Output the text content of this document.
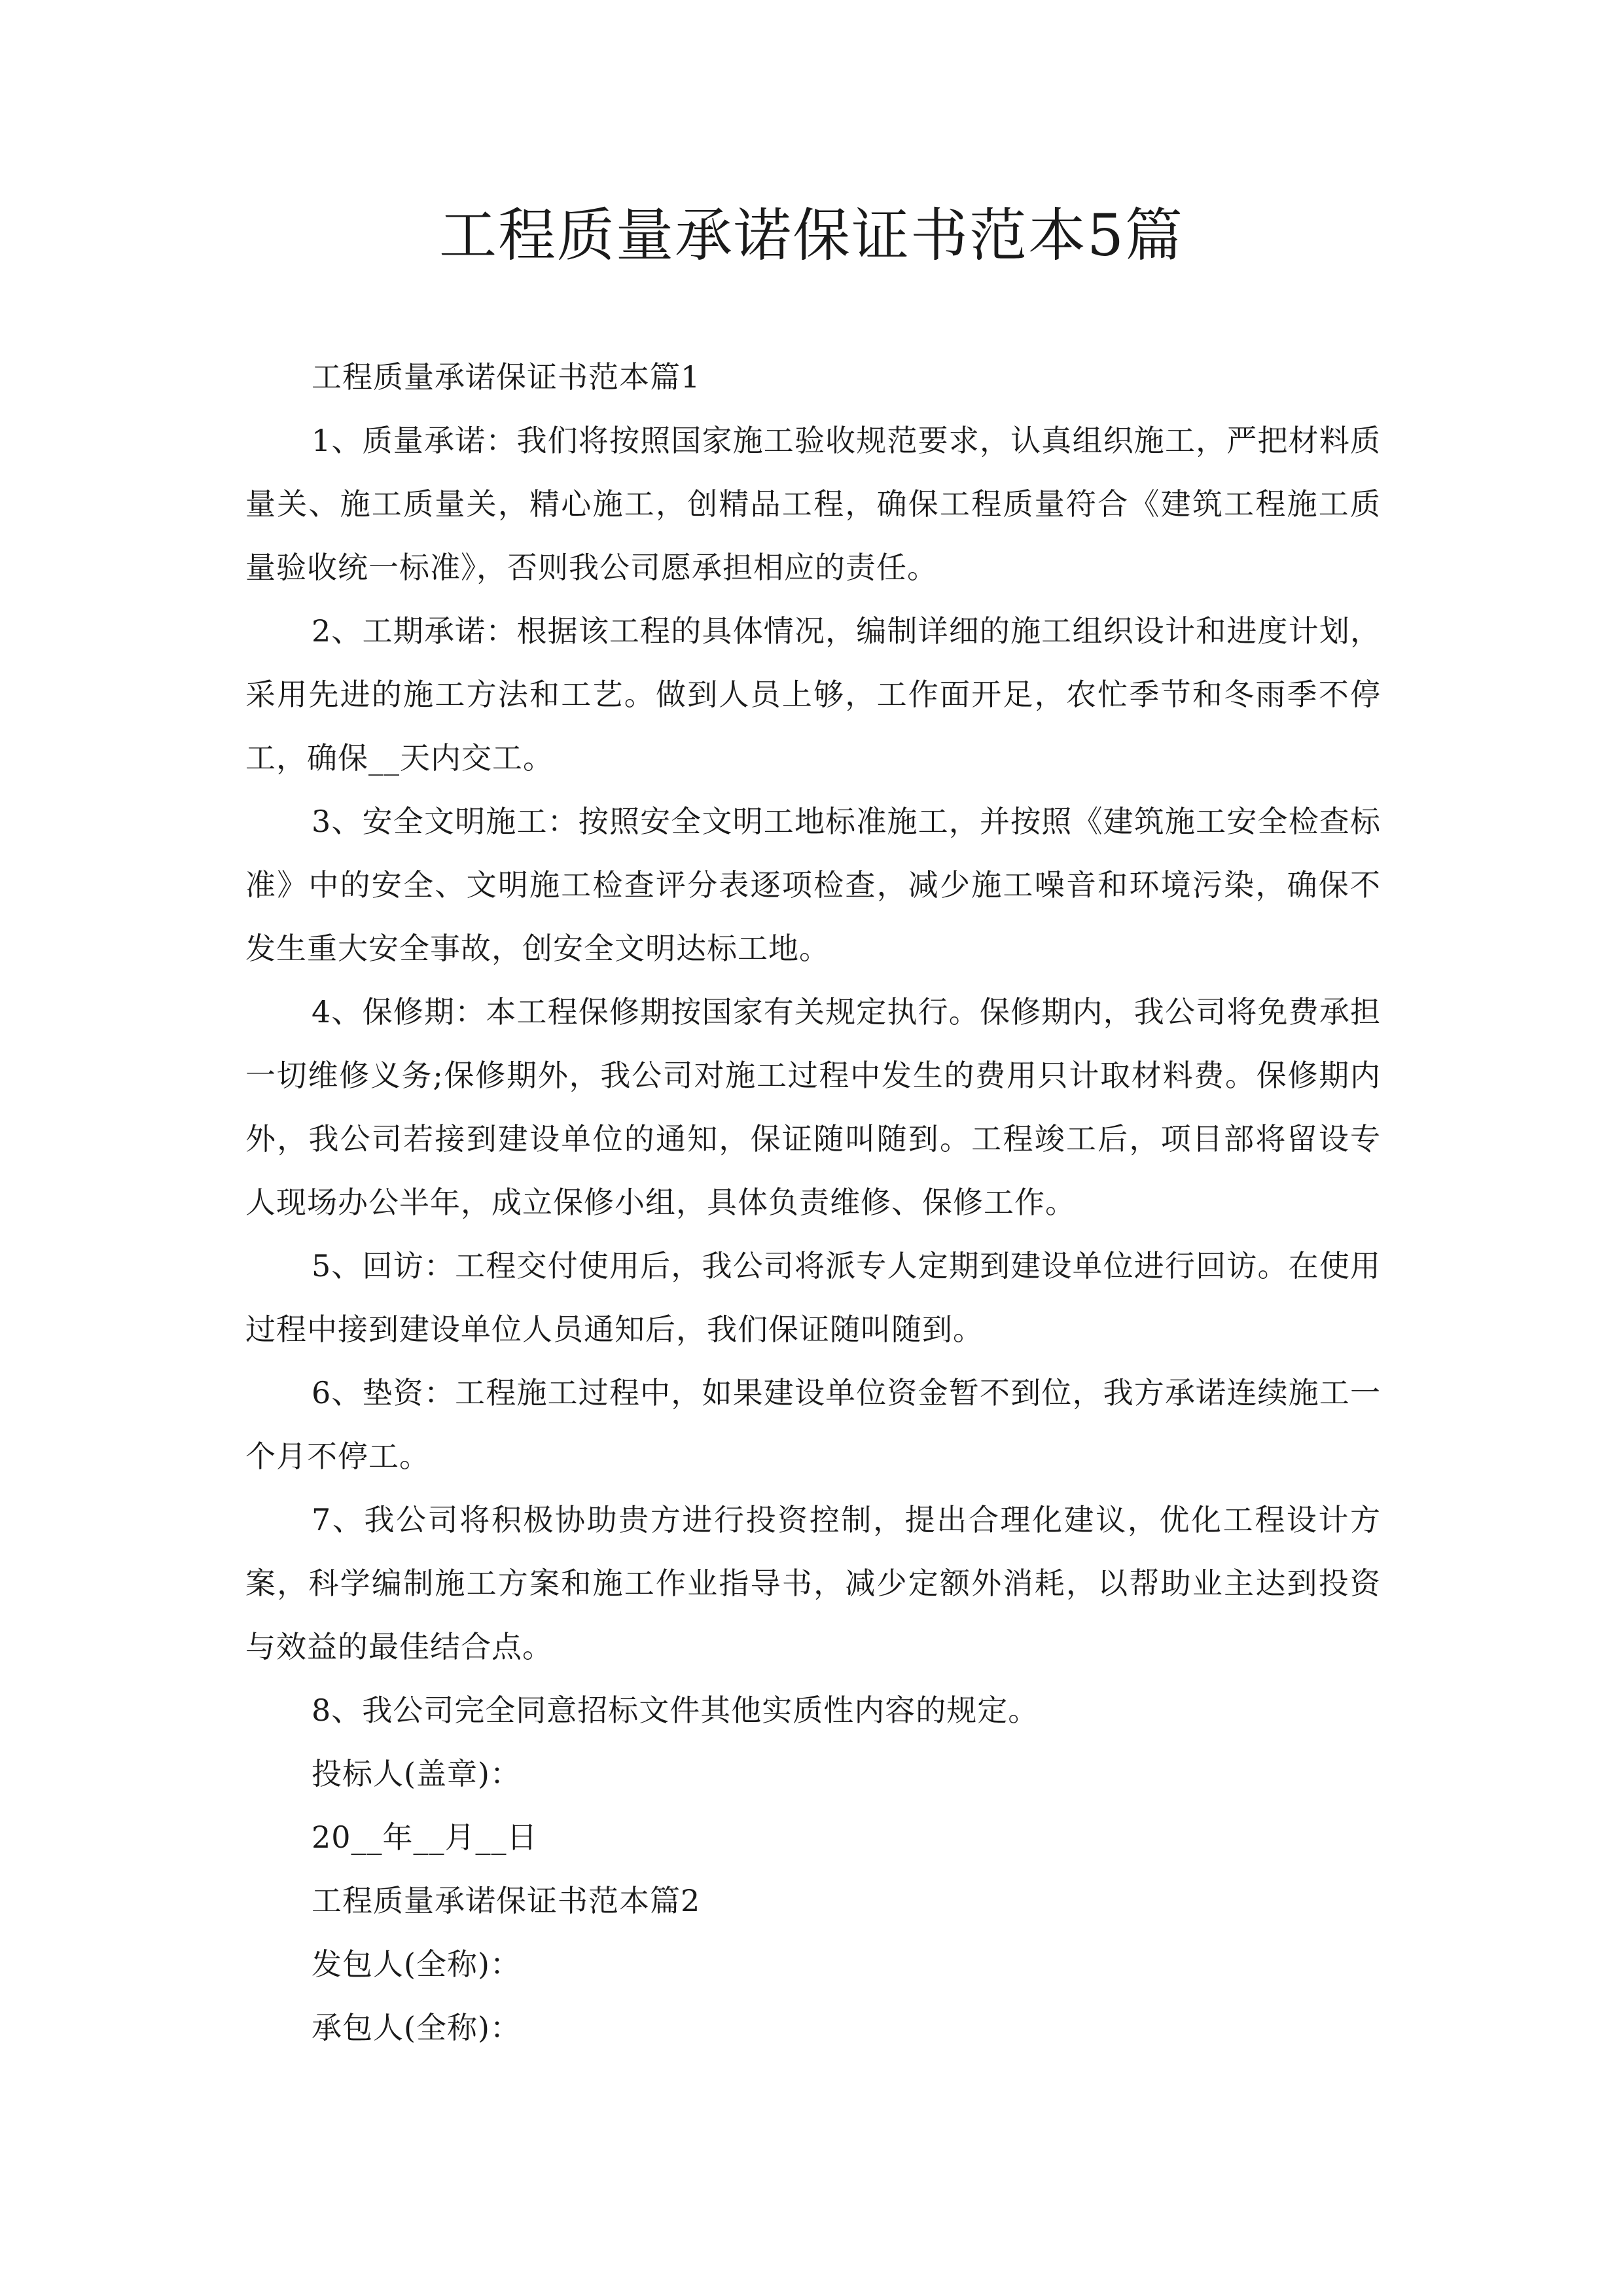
工程质量承诺保证书范本5篇

工程质量承诺保证书范本篇1

1、质量承诺：我们将按照国家施工验收规范要求，认真组织施工，严把材料质量关、施工质量关，精心施工，创精品工程，确保工程质量符合《建筑工程施工质量验收统一标准》，否则我公司愿承担相应的责任。

2、工期承诺：根据该工程的具体情况，编制详细的施工组织设计和进度计划，采用先进的施工方法和工艺。做到人员上够，工作面开足，农忙季节和冬雨季不停工，确保__天内交工。

3、安全文明施工：按照安全文明工地标准施工，并按照《建筑施工安全检查标准》中的安全、文明施工检查评分表逐项检查，减少施工噪音和环境污染，确保不发生重大安全事故，创安全文明达标工地。

4、保修期：本工程保修期按国家有关规定执行。保修期内，我公司将免费承担一切维修义务;保修期外，我公司对施工过程中发生的费用只计取材料费。保修期内外，我公司若接到建设单位的通知，保证随叫随到。工程竣工后，项目部将留设专人现场办公半年，成立保修小组，具体负责维修、保修工作。

5、回访：工程交付使用后，我公司将派专人定期到建设单位进行回访。在使用过程中接到建设单位人员通知后，我们保证随叫随到。

6、垫资：工程施工过程中，如果建设单位资金暂不到位，我方承诺连续施工一个月不停工。

7、我公司将积极协助贵方进行投资控制，提出合理化建议，优化工程设计方案，科学编制施工方案和施工作业指导书，减少定额外消耗，以帮助业主达到投资与效益的最佳结合点。

8、我公司完全同意招标文件其他实质性内容的规定。

投标人(盖章)：

20__年__月__日

工程质量承诺保证书范本篇2

发包人(全称)：

承包人(全称)：
